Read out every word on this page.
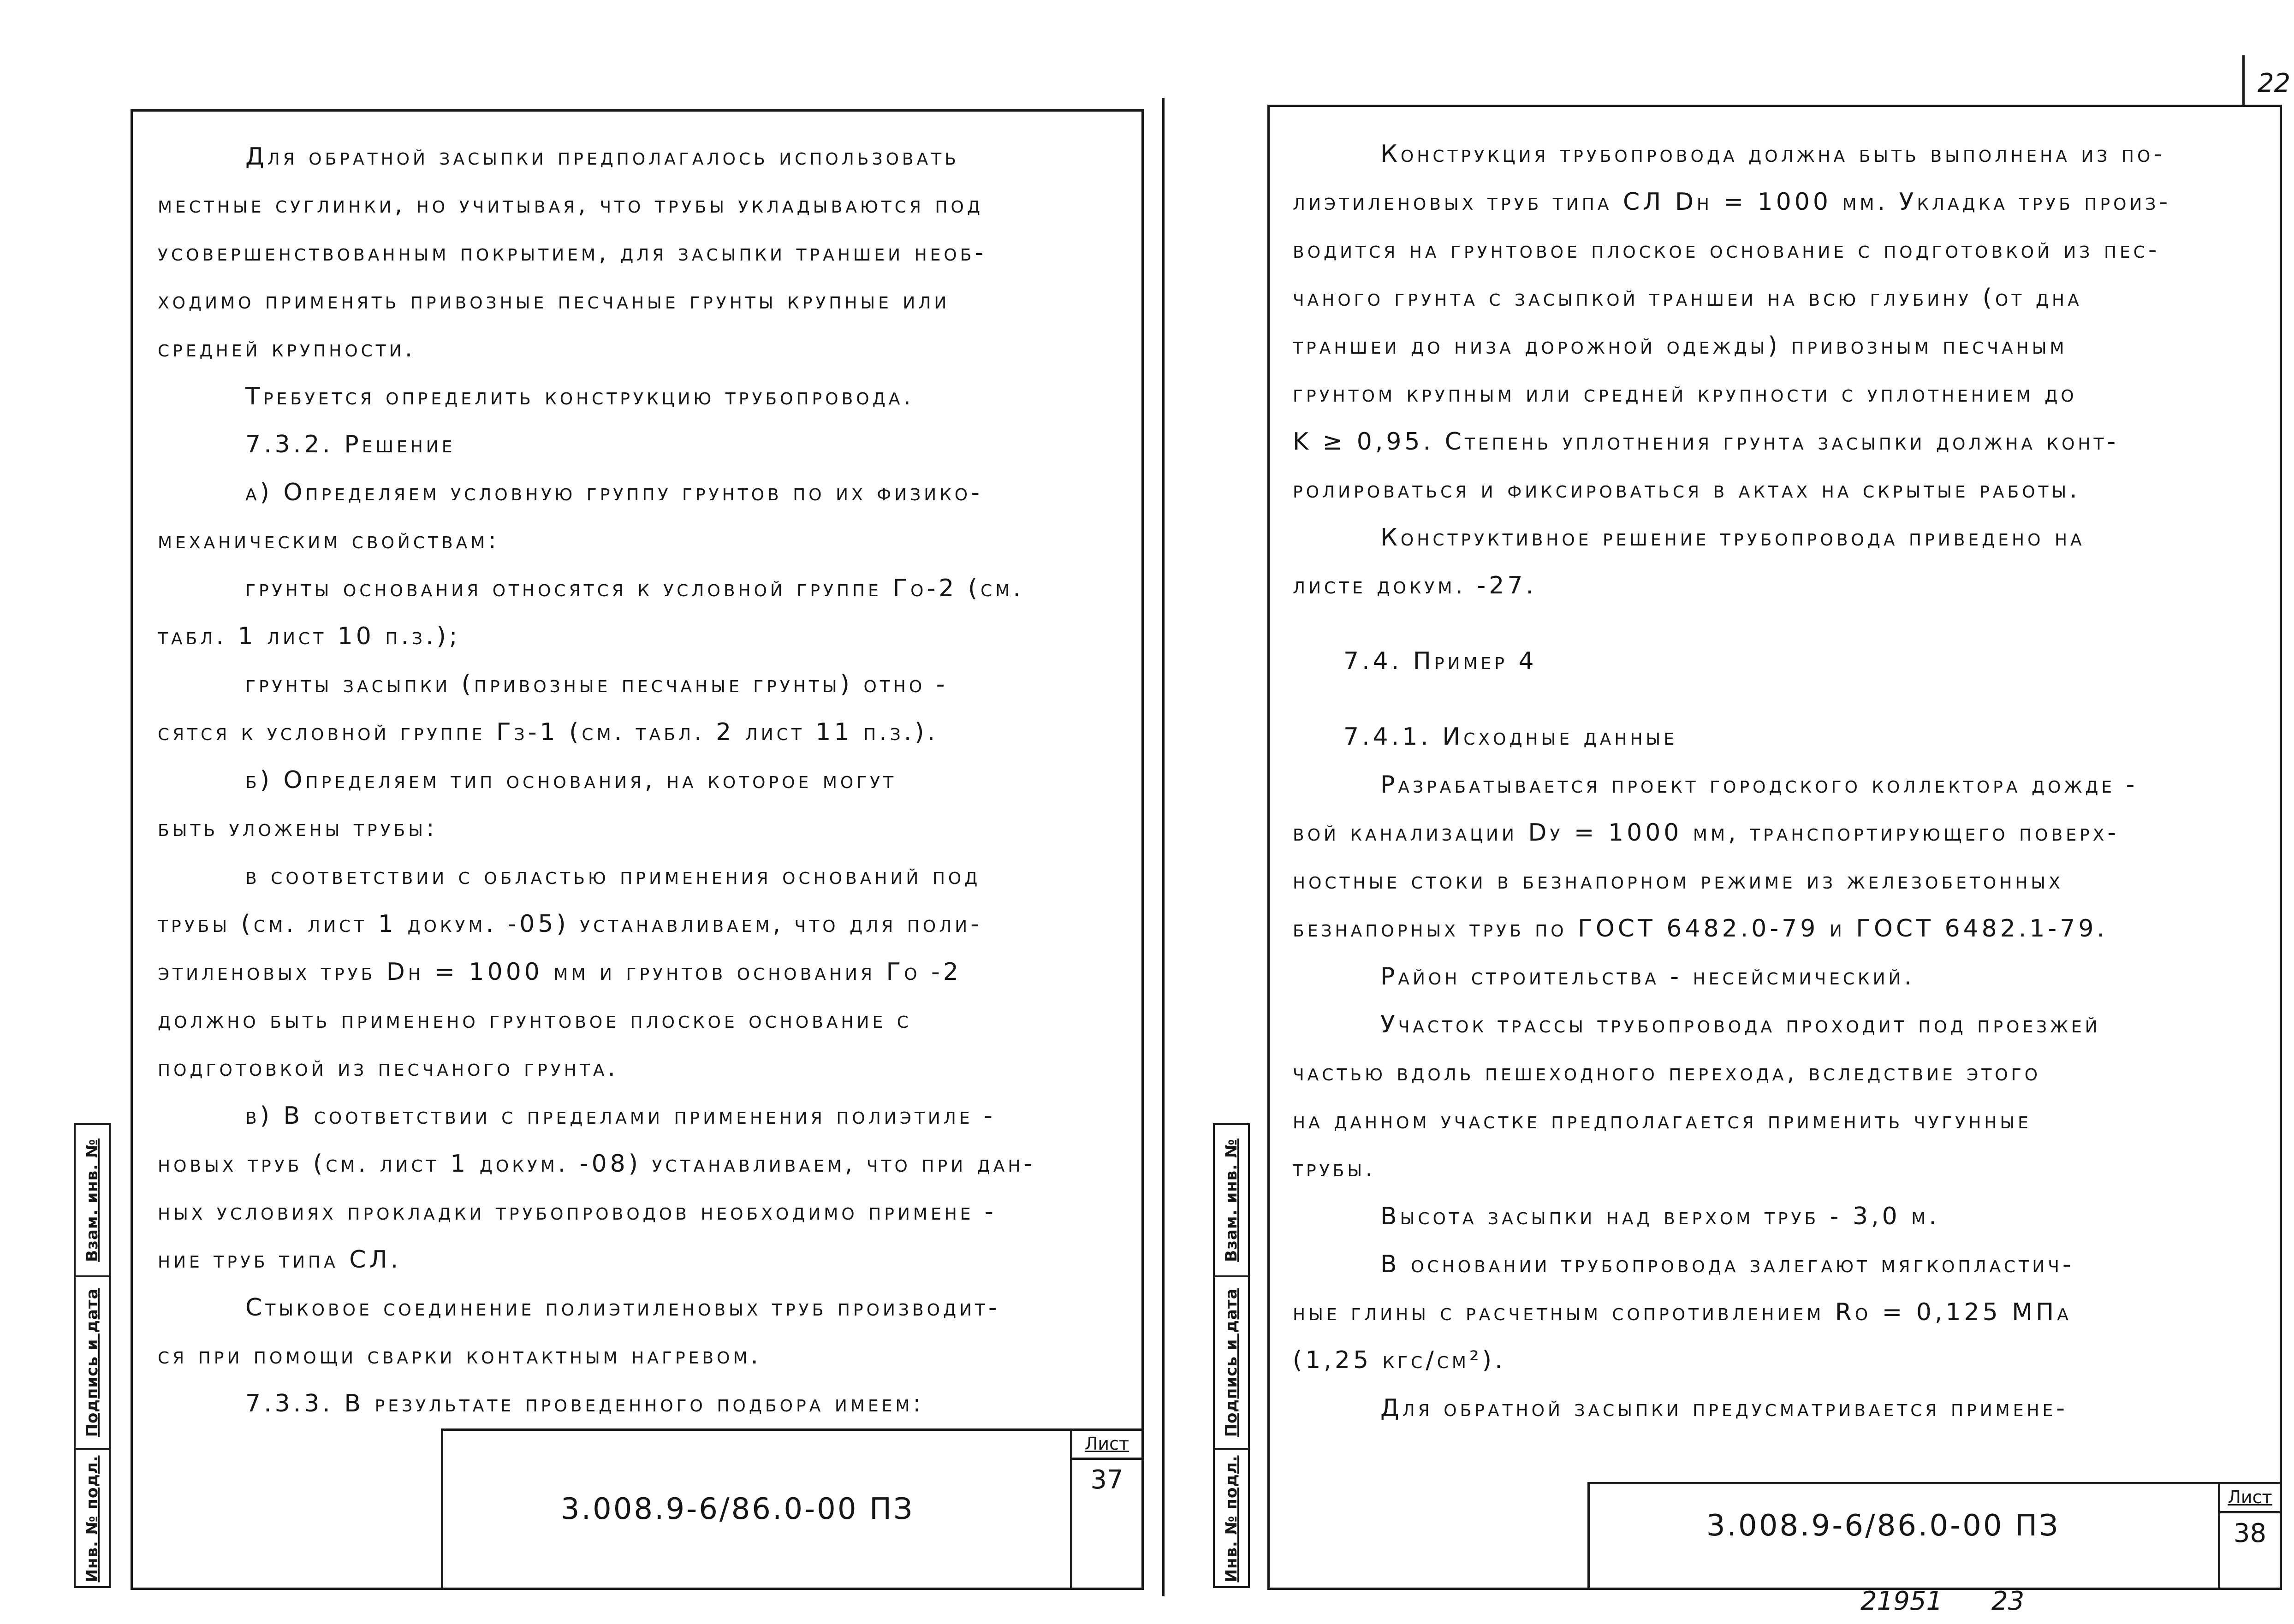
22
Взам. инв. №
Подпись и дата
Инв. № подл.
Для обратной засыпки предполагалось использовать
местные суглинки, но учитывая, что трубы укладываются под
усовершенствованным покрытием, для засыпки траншеи необ-
ходимо применять привозные песчаные грунты крупные или
средней крупности.
Требуется определить конструкцию трубопровода.
7.3.2. Решение
а) Определяем условную группу грунтов по их физико-
механическим свойствам:
грунты основания относятся к условной группе Го-2 (см.
табл. 1 лист 10 п.з.);
грунты засыпки (привозные песчаные грунты) отно -
сятся к условной группе Гз-1 (см. табл. 2 лист 11 п.з.).
б) Определяем тип основания, на которое могут
быть уложены трубы:
в соответствии с областью применения оснований под
трубы (см. лист 1 докум. -05) устанавливаем, что для поли-
этиленовых труб Dн = 1000 мм и грунтов основания Го -2
должно быть применено грунтовое плоское основание с
подготовкой из песчаного грунта.
в) В соответствии с пределами применения полиэтиле -
новых труб (см. лист 1 докум. -08) устанавливаем, что при дан-
ных условиях прокладки трубопроводов необходимо примене -
ние труб типа СЛ.
Стыковое соединение полиэтиленовых труб производит-
ся при помощи сварки контактным нагревом.
7.3.3. В результате проведенного подбора имеем:
3.008.9-6/86.0-00 ПЗ
Лист
37
Взам. инв. №
Подпись и дата
Инв. № подл.
Конструкция трубопровода должна быть выполнена из по-
лиэтиленовых труб типа СЛ Dн = 1000 мм. Укладка труб произ-
водится на грунтовое плоское основание с подготовкой из пес-
чаного грунта с засыпкой траншеи на всю глубину (от дна
траншеи до низа дорожной одежды) привозным песчаным
грунтом крупным или средней крупности с уплотнением до
K ≥ 0,95. Степень уплотнения грунта засыпки должна конт-
ролироваться и фиксироваться в актах на скрытые работы.
Конструктивное решение трубопровода приведено на
листе докум. -27.
7.4. Пример 4
7.4.1. Исходные данные
Разрабатывается проект городского коллектора дожде -
вой канализации Dу = 1000 мм, транспортирующего поверх-
ностные стоки в безнапорном режиме из железобетонных
безнапорных труб по ГОСТ 6482.0-79 и ГОСТ 6482.1-79.
Район строительства - несейсмический.
Участок трассы трубопровода проходит под проезжей
частью вдоль пешеходного перехода, вследствие этого
на данном участке предполагается применить чугунные
трубы.
Высота засыпки над верхом труб - 3,0 м.
В основании трубопровода залегают мягкопластич-
ные глины с расчетным сопротивлением Ro = 0,125 МПа
(1,25 кгс/см²).
Для обратной засыпки предусматривается примене-
3.008.9-6/86.0-00 ПЗ
Лист
38
21951 23
